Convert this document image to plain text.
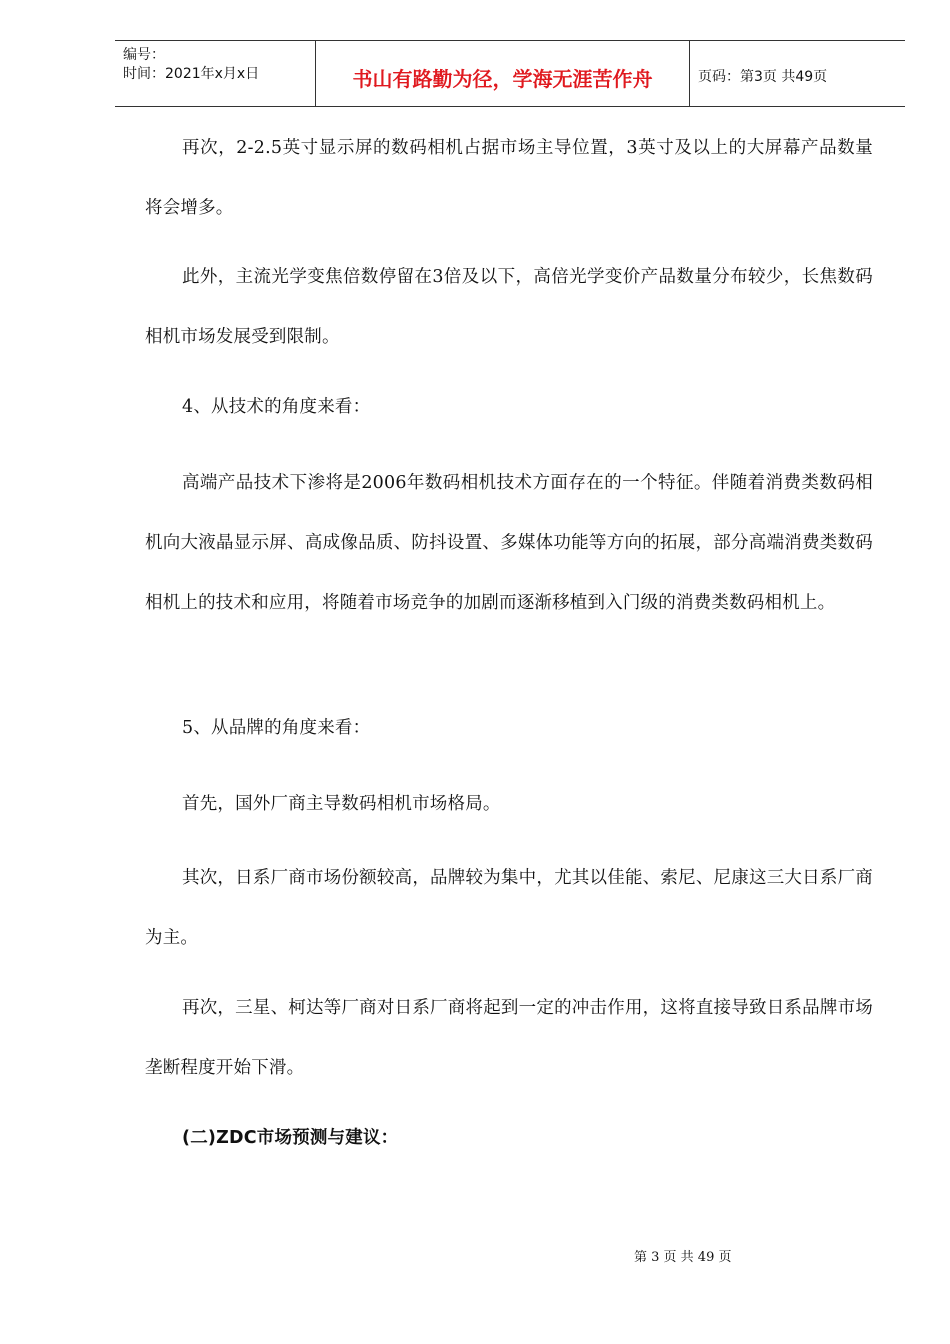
编号：
时间：2021年x月x日	书山有路勤为径，学海无涯苦作舟	页码：第3页 共49页

再次，2-2.5英寸显示屏的数码相机占据市场主导位置，3英寸及以上的大屏幕产品数量将会增多。

此外，主流光学变焦倍数停留在3倍及以下，高倍光学变价产品数量分布较少，长焦数码相机市场发展受到限制。

4、从技术的角度来看：

高端产品技术下渗将是2006年数码相机技术方面存在的一个特征。伴随着消费类数码相机向大液晶显示屏、高成像品质、防抖设置、多媒体功能等方向的拓展，部分高端消费类数码相机上的技术和应用，将随着市场竞争的加剧而逐渐移植到入门级的消费类数码相机上。

5、从品牌的角度来看：

首先，国外厂商主导数码相机市场格局。

其次，日系厂商市场份额较高，品牌较为集中，尤其以佳能、索尼、尼康这三大日系厂商为主。

再次，三星、柯达等厂商对日系厂商将起到一定的冲击作用，这将直接导致日系品牌市场垄断程度开始下滑。

(二)ZDC市场预测与建议：

第 3 页 共 49 页
